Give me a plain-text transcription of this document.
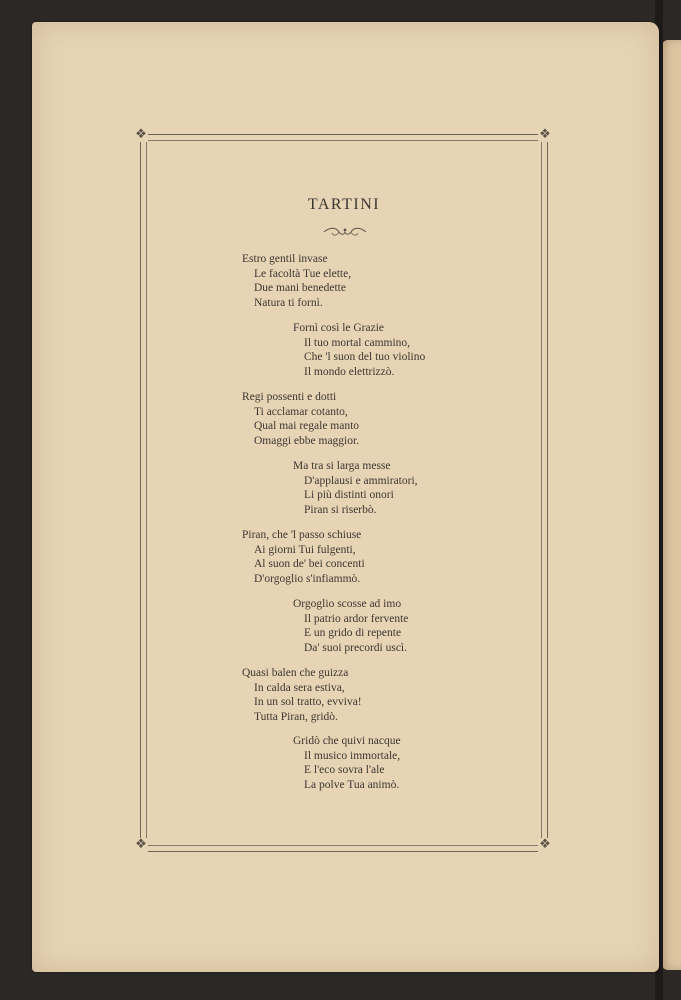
❖	❖
❖	❖
TARTINI
Estro gentil invase
Le facoltà Tue elette,
Due mani benedette
Natura ti fornì.
Fornì così le Grazie
Il tuo mortal cammino,
Che 'l suon del tuo violino
Il mondo elettrizzò.
Regi possenti e dotti
Ti acclamar cotanto,
Qual mai regale manto
Omaggi ebbe maggior.
Ma tra si larga messe
D'applausi e ammiratori,
Li più distinti onori
Piran si riserbò.
Piran, che 'l passo schiuse
Ai giorni Tui fulgenti,
Al suon de' bei concenti
D'orgoglio s'infiammò.
Orgoglio scosse ad imo
Il patrio ardor fervente
E un grido di repente
Da' suoi precordi uscì.
Quasi balen che guizza
In calda sera estiva,
In un sol tratto, evviva!
Tutta Piran, gridò.
Gridò che quivi nacque
Il musico immortale,
E l'eco sovra l'ale
La polve Tua animò.
